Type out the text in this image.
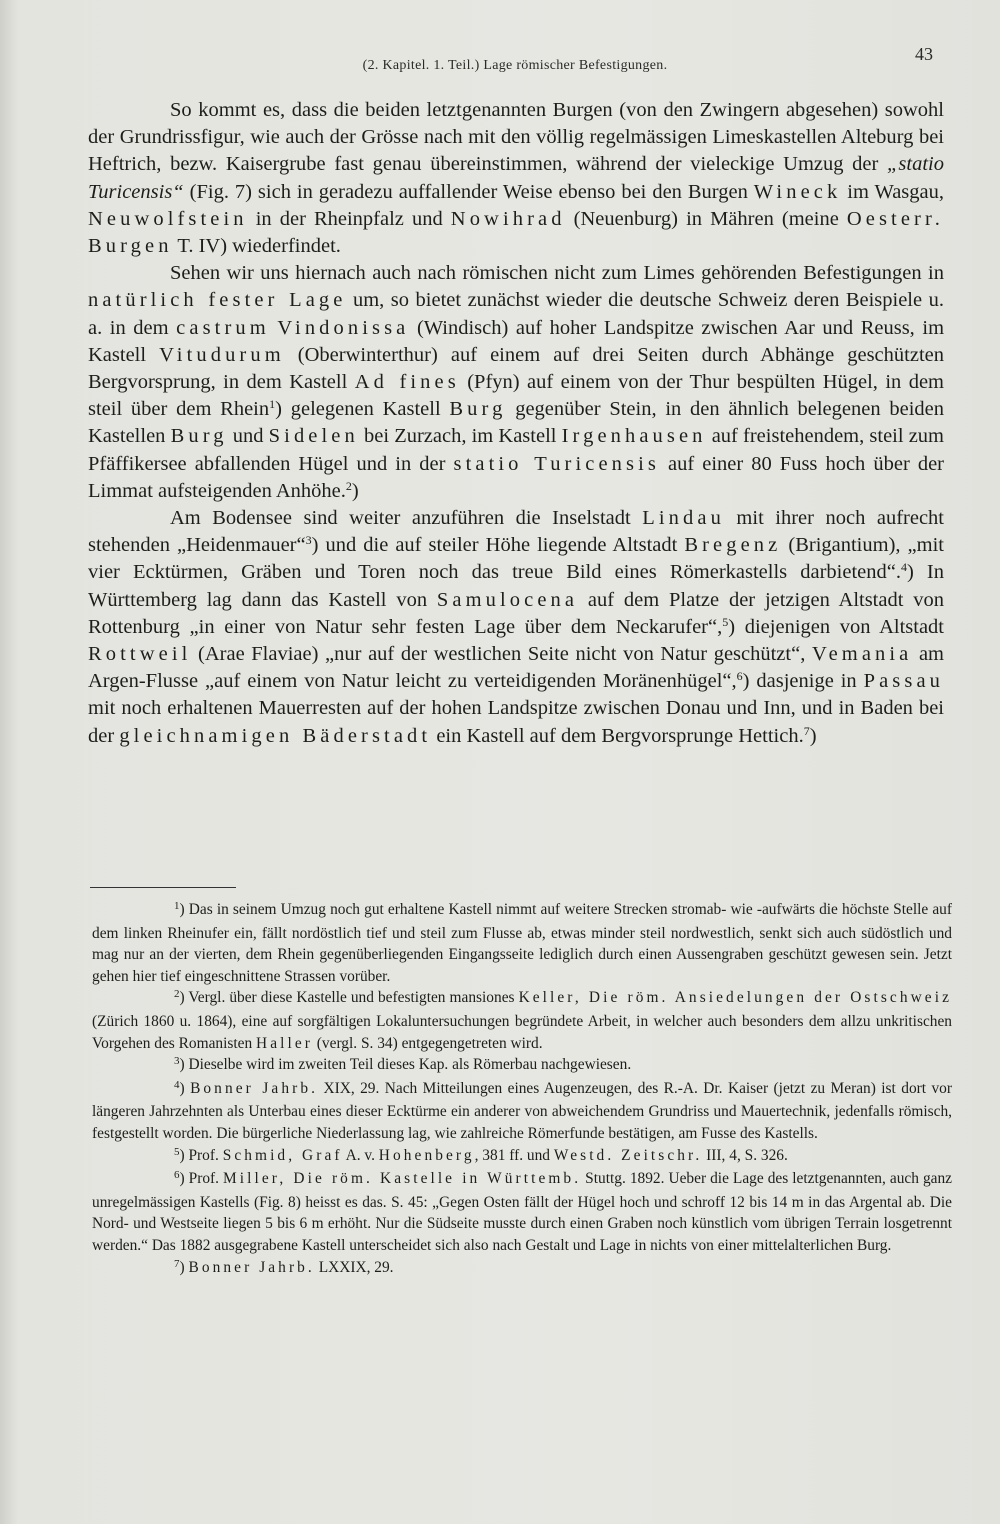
(2. Kapitel. 1. Teil.) Lage römischer Befestigungen.
43

So kommt es, dass die beiden letztgenannten Burgen (von den Zwingern abgesehen) sowohl der Grundrissfigur, wie auch der Grösse nach mit den völlig regelmässigen Limeskastellen Alteburg bei Heftrich, bezw. Kaisergrube fast genau übereinstimmen, während der vieleckige Umzug der „statio Turicensis“ (Fig. 7) sich in geradezu auffallender Weise ebenso bei den Burgen Wineck im Wasgau, Neuwolfstein in der Rheinpfalz und Nowihrad (Neuenburg) in Mähren (meine Oesterr. Burgen T. IV) wiederfindet.

Sehen wir uns hiernach auch nach römischen nicht zum Limes gehörenden Befestigungen in natürlich fester Lage um, so bietet zunächst wieder die deutsche Schweiz deren Beispiele u. a. in dem castrum Vindonissa (Windisch) auf hoher Landspitze zwischen Aar und Reuss, im Kastell Vitudurum (Oberwinterthur) auf einem auf drei Seiten durch Abhänge geschützten Bergvorsprung, in dem Kastell Ad fines (Pfyn) auf einem von der Thur bespülten Hügel, in dem steil über dem Rhein$^1$) gelegenen Kastell Burg gegenüber Stein, in den ähnlich belegenen beiden Kastellen Burg und Sidelen bei Zurzach, im Kastell Irgenhausen auf freistehendem, steil zum Pfäffikersee abfallenden Hügel und in der statio Turicensis auf einer 80 Fuss hoch über der Limmat aufsteigenden Anhöhe.$^2$)

Am Bodensee sind weiter anzuführen die Inselstadt Lindau mit ihrer noch aufrecht stehenden „Heidenmauer“$^3$) und die auf steiler Höhe liegende Altstadt Bregenz (Brigantium), „mit vier Ecktürmen, Gräben und Toren noch das treue Bild eines Römerkastells darbietend“.$^4$) In Württemberg lag dann das Kastell von Samulocena auf dem Platze der jetzigen Altstadt von Rottenburg „in einer von Natur sehr festen Lage über dem Neckarufer“,$^5$) diejenigen von Altstadt Rottweil (Arae Flaviae) „nur auf der westlichen Seite nicht von Natur geschützt“, Vemania am Argen-Flusse „auf einem von Natur leicht zu verteidigenden Moränenhügel“,$^6$) dasjenige in Passau mit noch erhaltenen Mauerresten auf der hohen Landspitze zwischen Donau und Inn, und in Baden bei der gleichnamigen Bäderstadt ein Kastell auf dem Bergvorsprunge Hettich.$^7$)

$^1$) Das in seinem Umzug noch gut erhaltene Kastell nimmt auf weitere Strecken stromab- wie -aufwärts die höchste Stelle auf dem linken Rheinufer ein, fällt nordöstlich tief und steil zum Flusse ab, etwas minder steil nordwestlich, senkt sich auch südöstlich und mag nur an der vierten, dem Rhein gegenüberliegenden Eingangsseite lediglich durch einen Aussengraben geschützt gewesen sein. Jetzt gehen hier tief eingeschnittene Strassen vorüber.

$^2$) Vergl. über diese Kastelle und befestigten mansiones Keller, Die röm. Ansiedelungen der Ostschweiz (Zürich 1860 u. 1864), eine auf sorgfältigen Lokaluntersuchungen begründete Arbeit, in welcher auch besonders dem allzu unkritischen Vorgehen des Romanisten Haller (vergl. S. 34) entgegengetreten wird.

$^3$) Dieselbe wird im zweiten Teil dieses Kap. als Römerbau nachgewiesen.

$^4$) Bonner Jahrb. XIX, 29. Nach Mitteilungen eines Augenzeugen, des R.-A. Dr. Kaiser (jetzt zu Meran) ist dort vor längeren Jahrzehnten als Unterbau eines dieser Ecktürme ein anderer von abweichendem Grundriss und Mauertechnik, jedenfalls römisch, festgestellt worden. Die bürgerliche Niederlassung lag, wie zahlreiche Römerfunde bestätigen, am Fusse des Kastells.

$^5$) Prof. Schmid, Graf A. v. Hohenberg, 381 ff. und Westd. Zeitschr. III, 4, S. 326.

$^6$) Prof. Miller, Die röm. Kastelle in Württemb. Stuttg. 1892. Ueber die Lage des letztgenannten, auch ganz unregelmässigen Kastells (Fig. 8) heisst es das. S. 45: „Gegen Osten fällt der Hügel hoch und schroff 12 bis 14 m in das Argental ab. Die Nord- und Westseite liegen 5 bis 6 m erhöht. Nur die Südseite musste durch einen Graben noch künstlich vom übrigen Terrain losgetrennt werden.“ Das 1882 ausgegrabene Kastell unterscheidet sich also nach Gestalt und Lage in nichts von einer mittelalterlichen Burg.

$^7$) Bonner Jahrb. LXXIX, 29.
